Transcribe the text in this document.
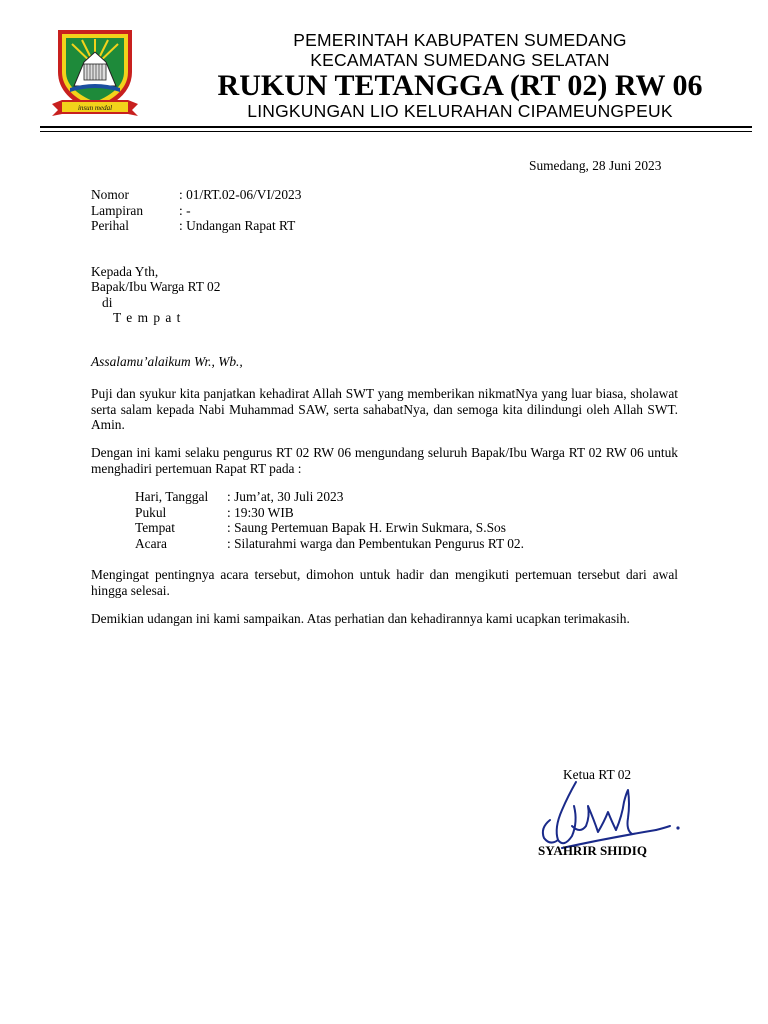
insun medal
PEMERINTAH KABUPATEN SUMEDANG
KECAMATAN SUMEDANG SELATAN
RUKUN TETANGGA (RT 02) RW 06
LINGKUNGAN LIO KELURAHAN CIPAMEUNGPEUK
Sumedang, 28 Juni 2023
Nomor	: 01/RT.02-06/VI/2023
Lampiran	: -
Perihal	: Undangan Rapat RT
Kepada Yth,
Bapak/Ibu Warga RT 02
di
T e m p a t
Assalamu’alaikum Wr., Wb.,
Puji dan syukur kita panjatkan kehadirat Allah SWT yang memberikan nikmatNya yang luar biasa, sholawat serta salam kepada Nabi Muhammad SAW, serta sahabatNya, dan semoga kita dilindungi oleh Allah SWT. Amin.
Dengan ini kami selaku pengurus RT 02 RW 06 mengundang seluruh Bapak/Ibu Warga RT 02 RW 06 untuk menghadiri pertemuan Rapat RT pada :
Hari, Tanggal : Jum’at, 30 Juli 2023
Pukul	: 19:30 WIB
Tempat	: Saung Pertemuan Bapak H. Erwin Sukmara, S.Sos
Acara	: Silaturahmi warga dan Pembentukan Pengurus RT 02.
Mengingat pentingnya acara tersebut, dimohon untuk hadir dan mengikuti pertemuan tersebut dari awal hingga selesai.
Demikian udangan ini kami sampaikan. Atas perhatian dan kehadirannya kami ucapkan terimakasih.
Ketua RT 02
SYAHRIR SHIDIQ
